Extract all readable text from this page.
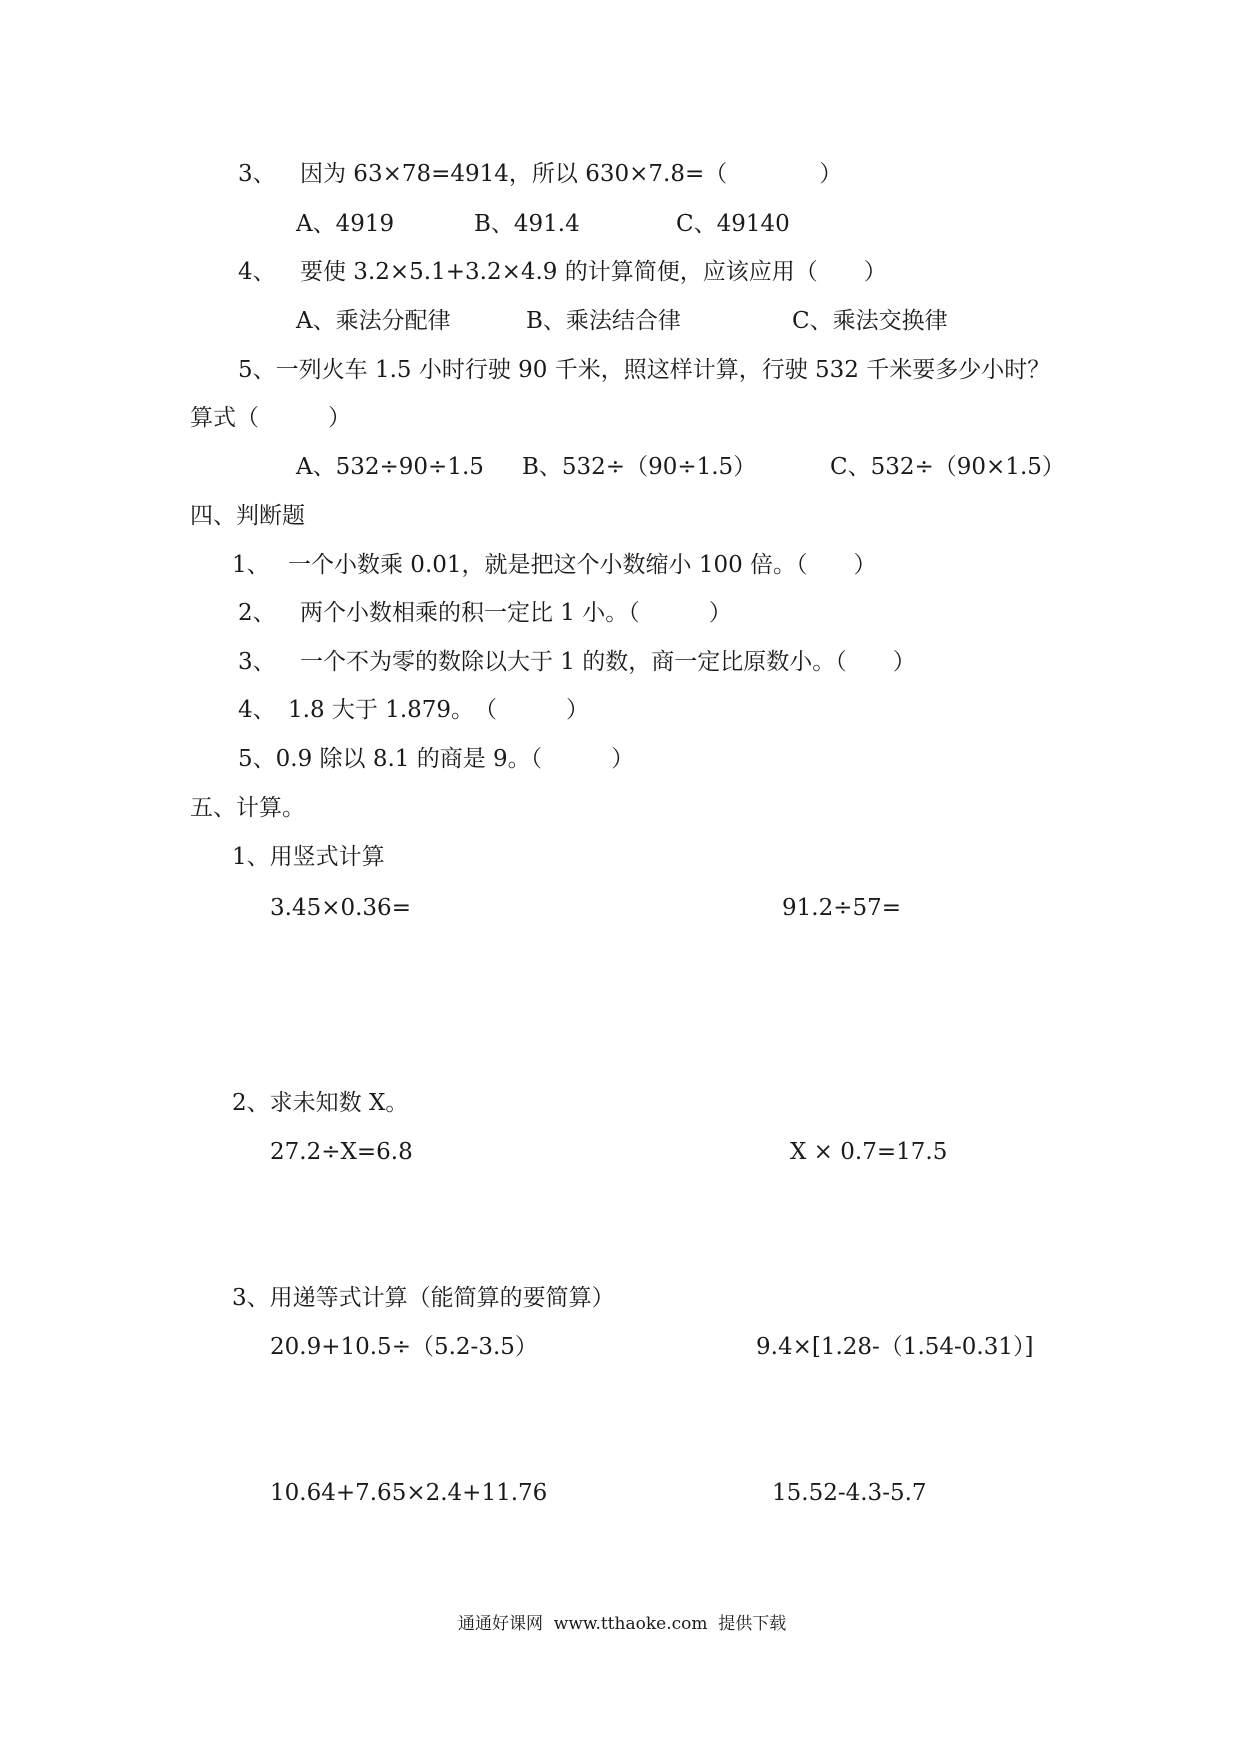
3、 因为 63×78=4914，所以 630×7.8=（　　　　）
A、4919	B、491.4	C、49140
4、 要使 3.2×5.1+3.2×4.9 的计算简便，应该应用（　　）
A、乘法分配律	B、乘法结合律	C、乘法交换律
5、一列火车 1.5 小时行驶 90 千米，照这样计算，行驶 532 千米要多少小时？
算式（　　　）
A、532÷90÷1.5 B、532÷（90÷1.5）	C、532÷（90×1.5）
四、判断题
1、 一个小数乘 0.01，就是把这个小数缩小 100 倍。（　　）
2、 两个小数相乘的积一定比 1 小。（　　　）
3、 一个不为零的数除以大于 1 的数，商一定比原数小。（　　）
4、 1.8 大于 1.879。　（　　　）
5、0.9 除以 8.1 的商是 9。（　　　）
五、计算。
1、用竖式计算
3.45×0.36=	91.2÷57=
2、求未知数 X。
27.2÷X=6.8	X × 0.7=17.5
3、用递等式计算（能简算的要简算）
20.9+10.5÷（5.2-3.5）	9.4×[1.28-（1.54-0.31）]
10.64+7.65×2.4+11.76	15.52-4.3-5.7
通通好课网  www.tthaoke.com  提供下载
